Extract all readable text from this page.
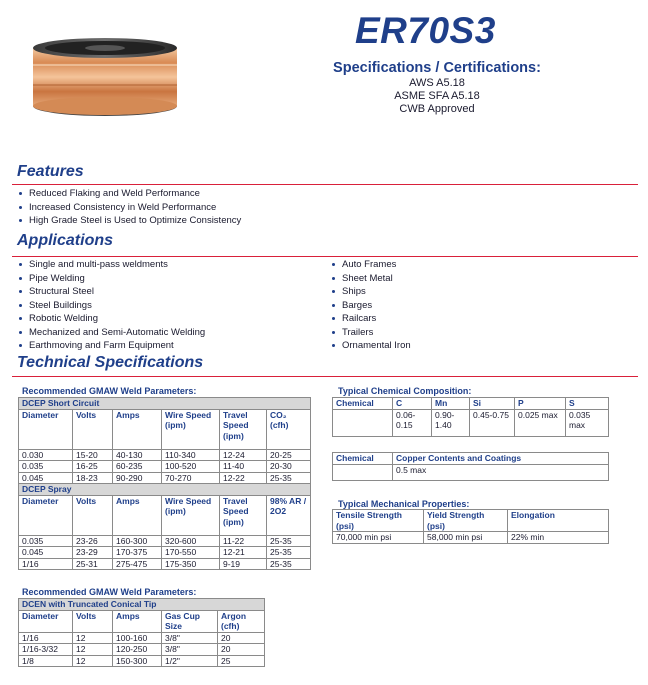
ER70S3
Specifications / Certifications:
AWS A5.18
ASME SFA A5.18
CWB Approved
Features
Reduced Flaking and Weld Performance
Increased Consistency in Weld Performance
High Grade Steel is Used to Optimize Consistency
Applications
Single and multi-pass weldments
Pipe Welding
Structural Steel
Steel Buildings
Robotic Welding
Mechanized and Semi-Automatic Welding
Earthmoving and Farm Equipment
Auto Frames
Sheet Metal
Ships
Barges
Railcars
Trailers
Ornamental Iron
Technical Specifications
Recommended GMAW Weld Parameters:
DCEP Short Circuit					
Diameter	Volts	Amps	Wire Speed (ipm)	Travel Speed (ipm)	CO₂ (cfh)
0.030	15-20	40-130	110-340	12-24	20-25
0.035	16-25	60-235	100-520	11-40	20-30
0.045	18-23	90-290	70-270	12-22	25-35
DCEP Spray					
Diameter	Volts	Amps	Wire Speed (ipm)	Travel Speed (ipm)	98% AR / 2O2
0.035	23-26	160-300	320-600	11-22	25-35
0.045	23-29	170-375	170-550	12-21	25-35
1/16	25-31	275-475	175-350	9-19	25-35
Recommended GMAW Weld Parameters:
DCEN with Truncated Conical Tip				
Diameter	Volts	Amps	Gas Cup Size	Argon (cfh)
1/16	12	100-160	3/8"	20
1/16-3/32	12	120-250	3/8"	20
1/8	12	150-300	1/2"	25
Typical Chemical Composition:
Chemical	C	Mn	Si	P	S
	0.06-0.15	0.90-1.40	0.45-0.75	0.025 max	0.035 max
Chemical	Copper Contents and Coatings
	0.5 max
Typical Mechanical Properties:
Tensile Strength (psi)	Yield Strength (psi)	Elongation
70,000 min psi	58,000 min psi	22% min
